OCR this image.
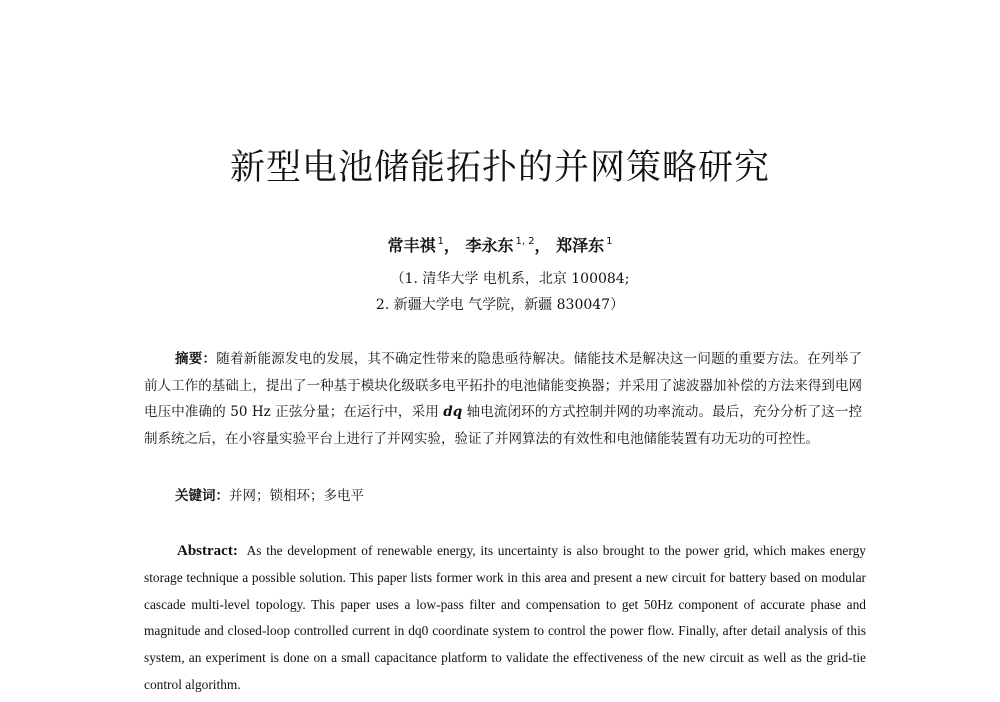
新型电池储能拓扑的并网策略研究
常丰祺 $^1$， 李永东 $^{1, 2}$， 郑泽东 $^1$
（1. 清华大学 电机系，北京 100084;
2. 新疆大学电 气学院，新疆 830047）

摘要：随着新能源发电的发展，其不确定性带来的隐患亟待解决。储能技术是解决这一问题的重要方法。在列举了前人工作的基础上，提出了一种基于模块化级联多电平拓扑的电池储能变换器；并采用了滤波器加补偿的方法来得到电网电压中准确的 50 Hz 正弦分量；在运行中，采用 dq 轴电流闭环的方式控制并网的功率流动。最后，充分分析了这一控制系统之后，在小容量实验平台上进行了并网实验，验证了并网算法的有效性和电池储能装置有功无功的可控性。

关键词：并网；锁相环；多电平

Abstract: As the development of renewable energy, its uncertainty is also brought to the power grid, which makes energy storage technique a possible solution. This paper lists former work in this area and present a new circuit for battery based on modular cascade multi-level topology. This paper uses a low-pass filter and compensation to get 50Hz component of accurate phase and magnitude and closed-loop controlled current in dq0 coordinate system to control the power flow. Finally, after detail analysis of this system, an experiment is done on a small capacitance platform to validate the effectiveness of the new circuit as well as the grid-tie control algorithm.
